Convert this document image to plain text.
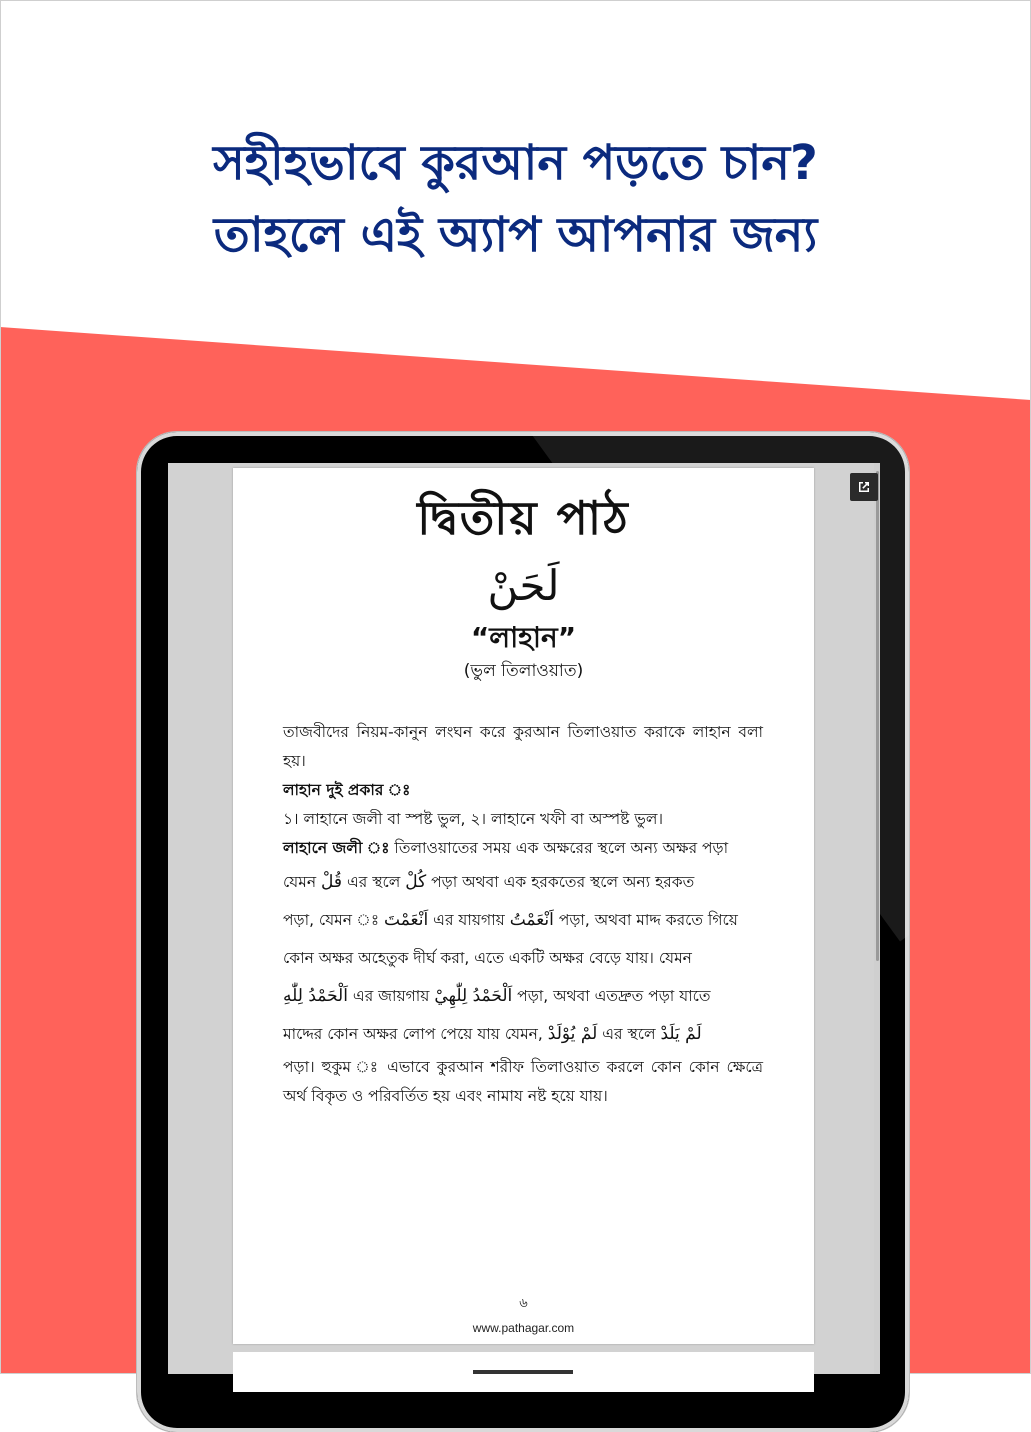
সহীহভাবে কুরআন পড়তে চান?
তাহলে এই অ্যাপ আপনার জন্য
দ্বিতীয় পাঠ
لَحَنْ
“লাহান”
(ভুল তিলাওয়াত)

তাজবীদের নিয়ম-কানুন লংঘন করে কুরআন তিলাওয়াত করাকে লাহান বলা হয়।

লাহান দুই প্রকার ঃ

১। লাহানে জলী বা স্পষ্ট ভুল, ২। লাহানে খফী বা অস্পষ্ট ভুল।

লাহানে জলী ঃ তিলাওয়াতের সময় এক অক্ষরের স্থলে অন্য অক্ষর পড়া

যেমন قُلْ এর স্থলে كُلْ পড়া অথবা এক হরকতের স্থলে অন্য হরকত

পড়া, যেমন ঃ اَنْعَمْتَ এর যায়গায় اَنْعَمْتُ পড়া, অথবা মাদ্দ করতে গিয়ে

কোন অক্ষর অহেতুক দীর্ঘ করা, এতে একটি অক্ষর বেড়ে যায়। যেমন

اَلْحَمْدُ لِلّٰهِ এর জায়গায় اَلْحَمْدُ لِلّٰهِيْ পড়া, অথবা এতদ্রুত পড়া যাতে

মাদ্দের কোন অক্ষর লোপ পেয়ে যায় যেমন, لَمْ يُوْلَدْ এর স্থলে لَمْ يَلَدْ

পড়া। হুকুম ঃ এভাবে কুরআন শরীফ তিলাওয়াত করলে কোন কোন ক্ষেত্রে অর্থ বিকৃত ও পরিবর্তিত হয় এবং নামায নষ্ট হয়ে যায়।

৬
www.pathagar.com
